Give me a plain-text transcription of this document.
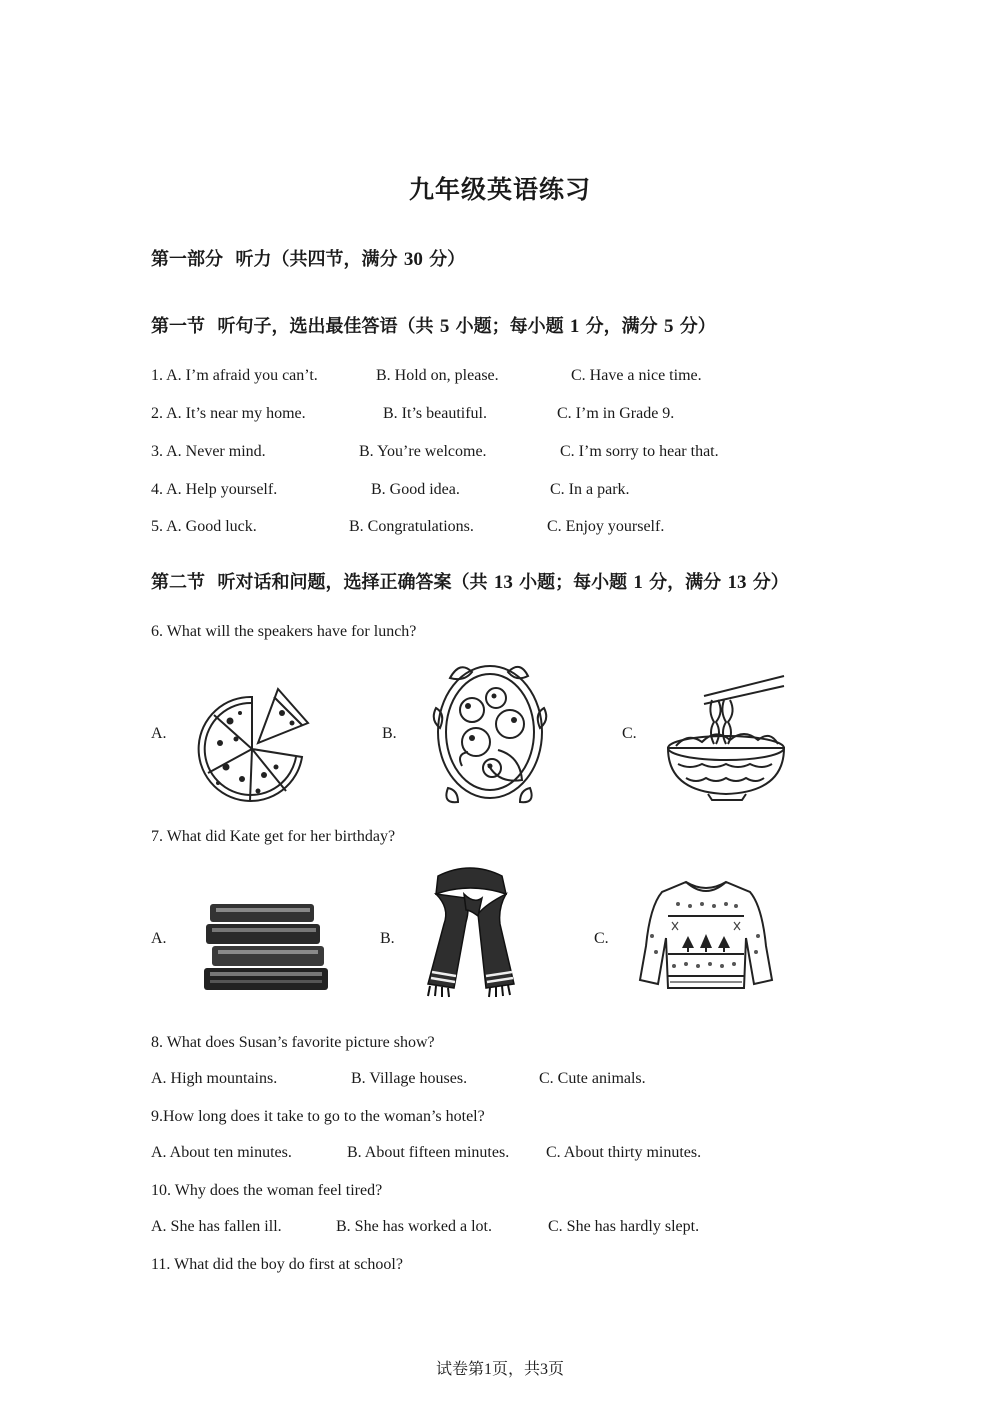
九年级英语练习
第一部分 听力（共四节，满分 30 分）
第一节 听句子，选出最佳答语（共 5 小题；每小题 1 分，满分 5 分）
1. A. I’m afraid you can’t.	B. Hold on, please.	C. Have a nice time.
2. A. It’s near my home.	B. It’s beautiful.	C. I’m in Grade 9.
3. A. Never mind.	B. You’re welcome.	C. I’m sorry to hear that.
4. A. Help yourself.	B. Good idea.	C. In a park.
5. A. Good luck.	B. Congratulations.	C. Enjoy yourself.
第二节 听对话和问题，选择正确答案（共 13 小题；每小题 1 分，满分 13 分）
6. What will the speakers have for lunch?
A.	B.	C.
7. What did Kate get for her birthday?
A.	B.	C.
8. What does Susan’s favorite picture show?
A. High mountains.	B. Village houses.	C. Cute animals.
9.How long does it take to go to the woman’s hotel?
A. About ten minutes.	B. About fifteen minutes. C. About thirty minutes.
10. Why does the woman feel tired?
A. She has fallen ill.	B. She has worked a lot.	C. She has hardly slept.
11. What did the boy do first at school?
试卷第1页，共3页
